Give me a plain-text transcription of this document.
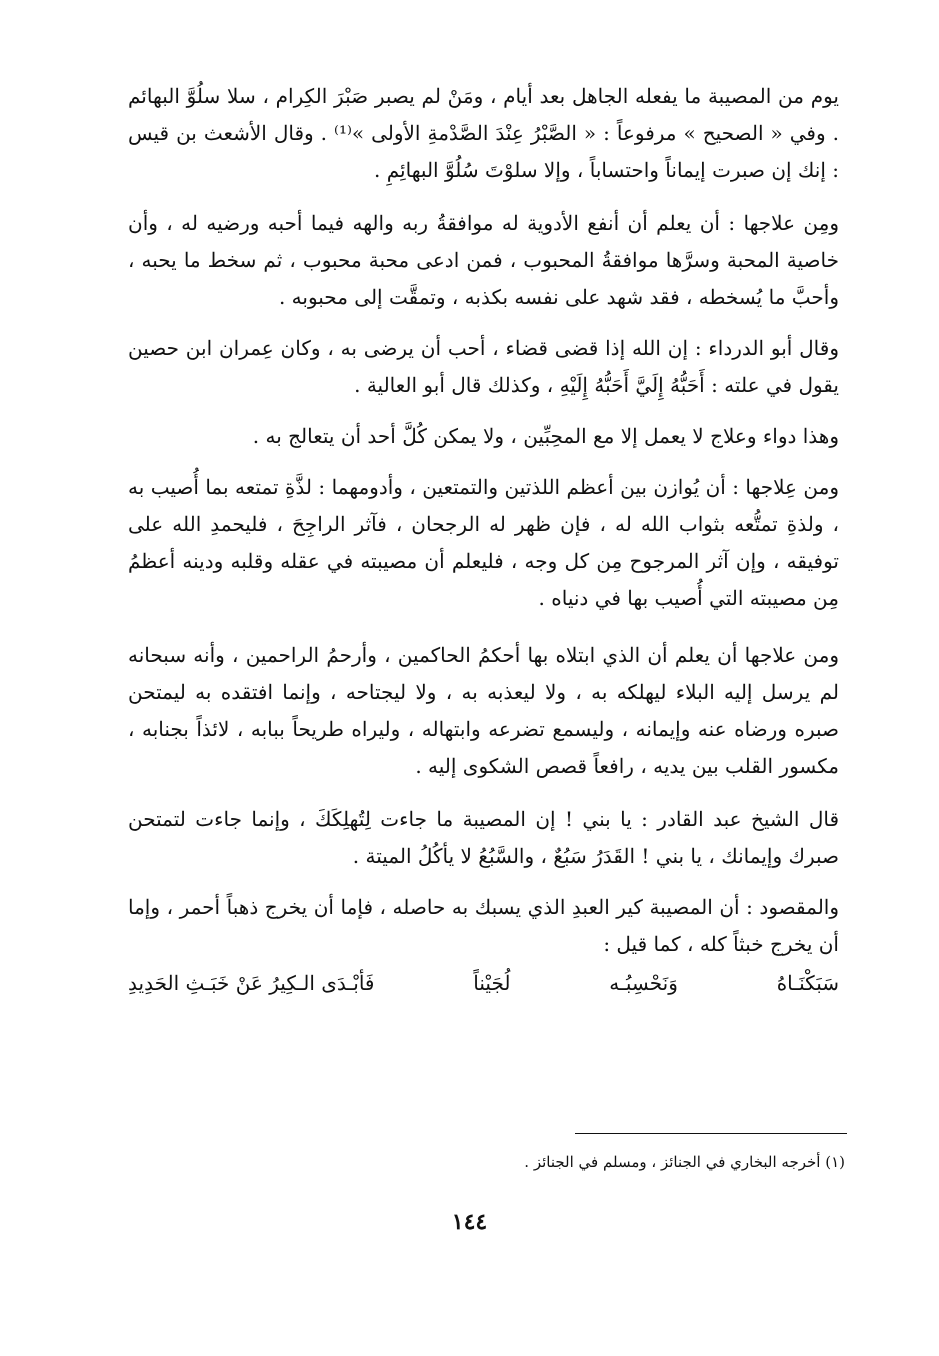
يوم من المصيبة ما يفعله الجاهل بعد أيام ، ومَنْ لم يصبر صَبْرَ الكِرام ، سلا سلُوَّ البهائم . وفي « الصحيح » مرفوعاً : « الصَّبْرُ عِنْدَ الصَّدْمةِ الأولى »⁽¹⁾ . وقال الأشعث بن قيس : إنك إن صبرت إيماناً واحتساباً ، وإلا سلوْتَ سُلُوَّ البهائِمِ .

ومِن علاجها : أن يعلم أن أنفع الأدوية له موافقةُ ربه والهه فيما أحبه ورضيه له ، وأن خاصية المحبة وسرَّها موافقةُ المحبوب ، فمن ادعى محبة محبوب ، ثم سخط ما يحبه ، وأحبَّ ما يُسخطه ، فقد شهد على نفسه بكذبه ، وتمقَّت إلى محبوبه .

وقال أبو الدرداء : إن الله إذا قضى قضاء ، أحب أن يرضى به ، وكان عِمران ابن حصين يقول في علته : أَحَبُّهُ إِلَيَّ أَحَبُّهُ إِلَيْهِ ، وكذلك قال أبو العالية .

وهذا دواء وعلاج لا يعمل إلا مع المحِبِّين ، ولا يمكن كُلَّ أحد أن يتعالج به .

ومن عِلاجها : أن يُوازن بين أعظم اللذتين والتمتعين ، وأدومهما : لذَّةِ تمتعه بما أُصيب به ، ولذةِ تمتُّعه بثواب الله له ، فإن ظهر له الرجحان ، فآثر الراجِحَ ، فليحمدِ الله على توفيقه ، وإن آثر المرجوح مِن كل وجه ، فليعلم أن مصيبته في عقله وقلبه ودينه أعظمُ مِن مصيبته التي أُصيب بها في دنياه .

ومن علاجها أن يعلم أن الذي ابتلاه بها أحكمُ الحاكمين ، وأرحمُ الراحمين ، وأنه سبحانه لم يرسل إليه البلاء ليهلكه به ، ولا ليعذبه به ، ولا ليجتاحه ، وإنما افتقده به ليمتحن صبره ورضاه عنه وإيمانه ، وليسمع تضرعه وابتهاله ، وليراه طريحاً ببابه ، لائذاً بجنابه ، مكسور القلب بين يديه ، رافعاً قصص الشكوى إليه .

قال الشيخ عبد القادر : يا بني ! إن المصيبة ما جاءت لِتُهلِكَكَ ، وإنما جاءت لتمتحن صبرك وإيمانك ، يا بني ! القَدَرُ سَبُعٌ ، والسَّبُعُ لا يأكُلُ الميتة .

والمقصود : أن المصيبة كير العبدِ الذي يسبك به حاصله ، فإما أن يخرج ذهباً أحمر ، وإما أن يخرج خبثاً كله ، كما قيل :

سَبَكْنَـاهُ
وَنَحْسِبُـه
لُجَيْناً
فَأبْـدَى الـكِيرُ عَنْ خَبَـثِ الحَدِيدِ
(١) أخرجه البخاري في الجنائز ، ومسلم في الجنائز .
١٤٤
